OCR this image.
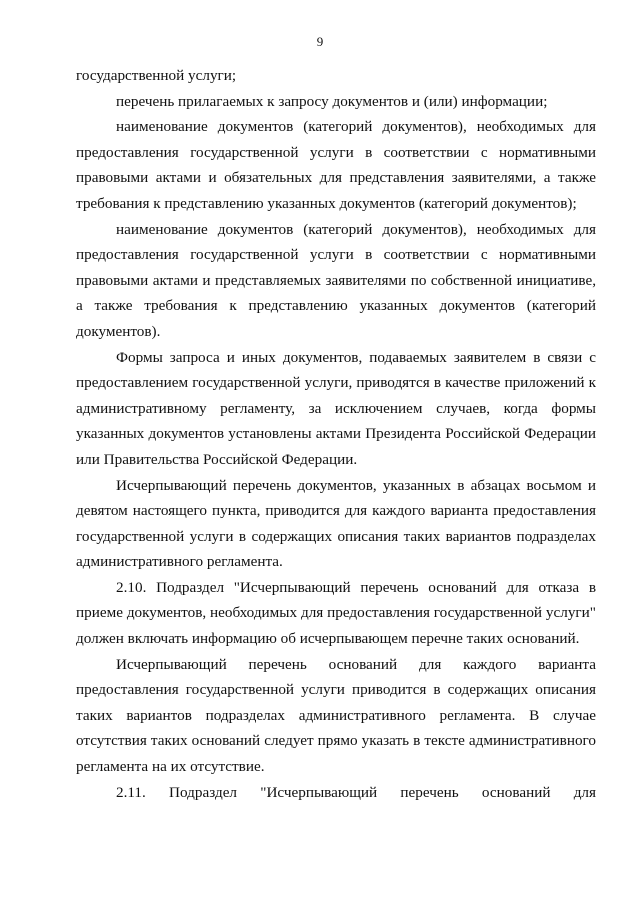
9

государственной услуги;

перечень прилагаемых к запросу документов и (или) информации;

наименование документов (категорий документов), необходимых для предоставления государственной услуги в соответствии с нормативными правовыми актами и обязательных для представления заявителями, а также требования к представлению указанных документов (категорий документов);

наименование документов (категорий документов), необходимых для предоставления государственной услуги в соответствии с нормативными правовыми актами и представляемых заявителями по собственной инициативе, а также требования к представлению указанных документов (категорий документов).

Формы запроса и иных документов, подаваемых заявителем в связи с предоставлением государственной услуги, приводятся в качестве приложений к административному регламенту, за исключением случаев, когда формы указанных документов установлены актами Президента Российской Федерации или Правительства Российской Федерации.

Исчерпывающий перечень документов, указанных в абзацах восьмом и девятом настоящего пункта, приводится для каждого варианта предоставления государственной услуги в содержащих описания таких вариантов подразделах административного регламента.

2.10. Подраздел "Исчерпывающий перечень оснований для отказа в приеме документов, необходимых для предоставления государственной услуги" должен включать информацию об исчерпывающем перечне таких оснований.

Исчерпывающий перечень оснований для каждого варианта предоставления государственной услуги приводится в содержащих описания таких вариантов подразделах административного регламента. В случае отсутствия таких оснований следует прямо указать в тексте административного регламента на их отсутствие.

2.11. Подраздел "Исчерпывающий перечень оснований для
